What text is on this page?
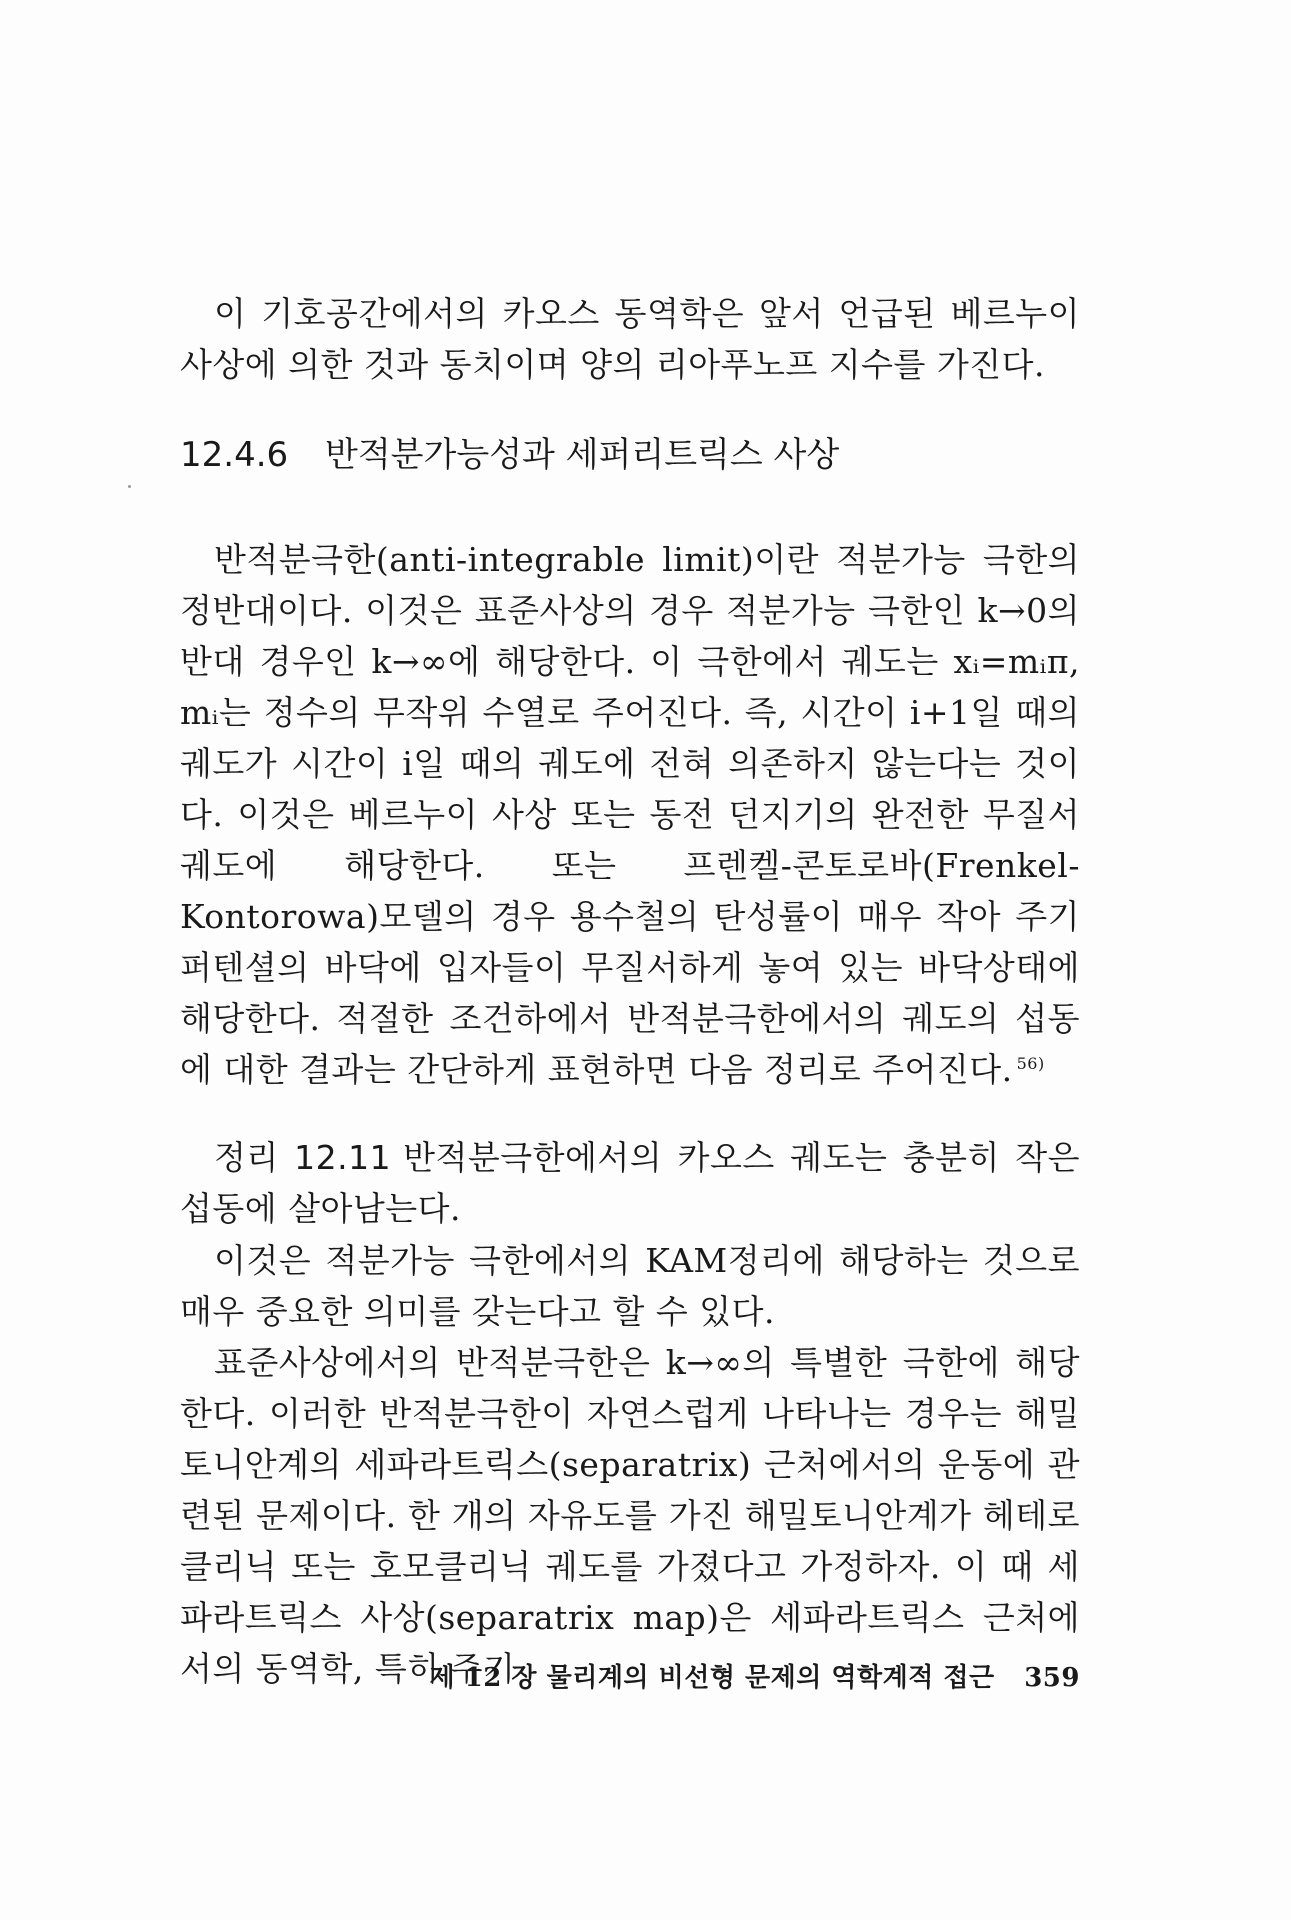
이 기호공간에서의 카오스 동역학은 앞서 언급된 베르누이 사상에 의한 것과 동치이며 양의 리아푸노프 지수를 가진다.

12.4.6 반적분가능성과 세퍼리트릭스 사상

반적분극한(anti-integrable limit)이란 적분가능 극한의 정반대이다. 이것은 표준사상의 경우 적분가능 극한인 k→0의 반대 경우인 k→∞에 해당한다. 이 극한에서 궤도는 xᵢ=mᵢπ, mᵢ는 정수의 무작위 수열로 주어진다. 즉, 시간이 i+1일 때의 궤도가 시간이 i일 때의 궤도에 전혀 의존하지 않는다는 것이다. 이것은 베르누이 사상 또는 동전 던지기의 완전한 무질서 궤도에 해당한다. 또는 프렌켈-콘토로바(Frenkel-Kontorowa)모델의 경우 용수철의 탄성률이 매우 작아 주기 퍼텐셜의 바닥에 입자들이 무질서하게 놓여 있는 바닥상태에 해당한다. 적절한 조건하에서 반적분극한에서의 궤도의 섭동에 대한 결과는 간단하게 표현하면 다음 정리로 주어진다. $^{56)}$

정리 12.11 반적분극한에서의 카오스 궤도는 충분히 작은 섭동에 살아남는다.

이것은 적분가능 극한에서의 KAM정리에 해당하는 것으로 매우 중요한 의미를 갖는다고 할 수 있다.

표준사상에서의 반적분극한은 k→∞의 특별한 극한에 해당한다. 이러한 반적분극한이 자연스럽게 나타나는 경우는 해밀토니안계의 세파라트릭스(separatrix) 근처에서의 운동에 관련된 문제이다. 한 개의 자유도를 가진 해밀토니안계가 헤테로클리닉 또는 호모클리닉 궤도를 가졌다고 가정하자. 이 때 세파라트릭스 사상(separatrix map)은 세파라트릭스 근처에서의 동역학, 특히 주기

제 12 장 물리계의 비선형 문제의 역학계적 접근 359
